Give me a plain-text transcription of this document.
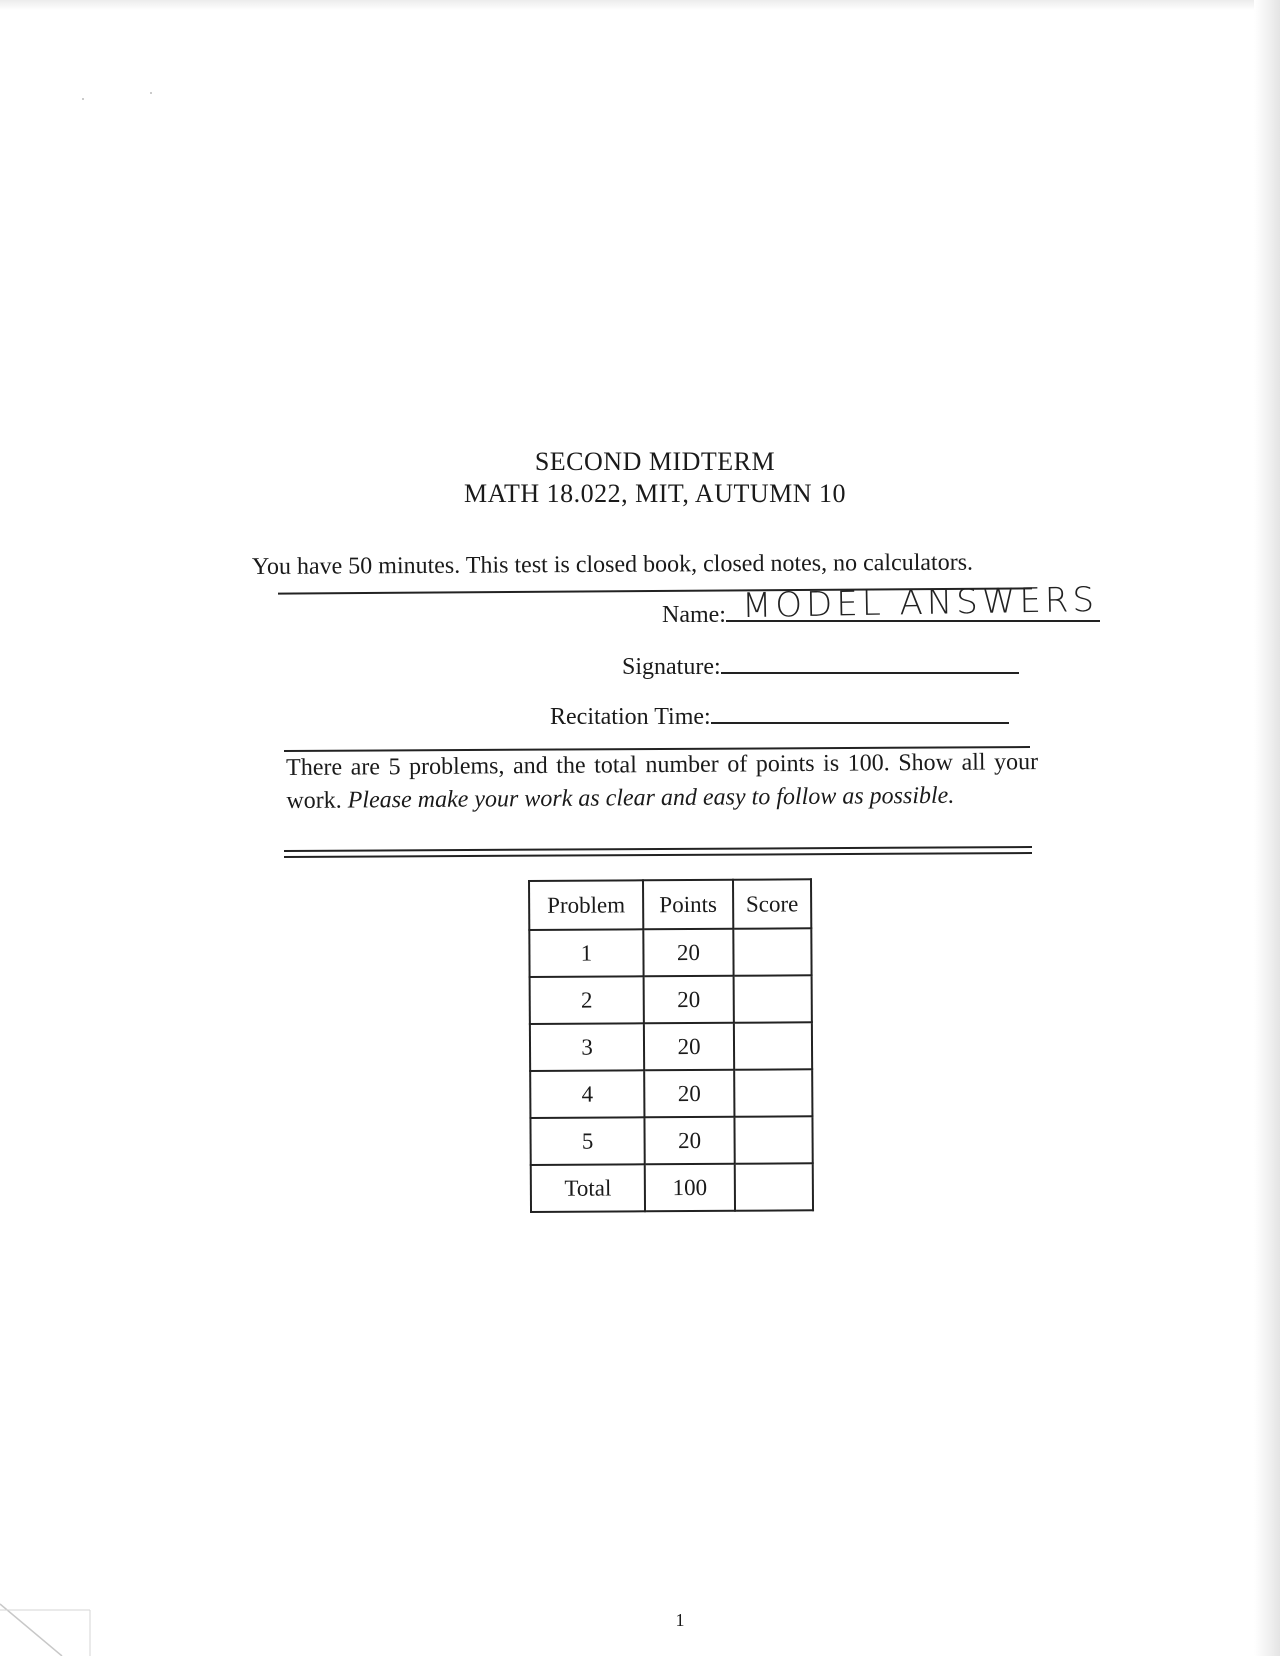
SECOND MIDTERM
MATH 18.022, MIT, AUTUMN 10
You have 50 minutes. This test is closed book, closed notes, no calculators.
Name: MODEL ANSWERS
Signature:
Recitation Time:
There are 5 problems, and the total number of points is 100. Show all your work. Please make your work as clear and easy to follow as possible.
Problem	Points	Score
1	20	
2	20	
3	20	
4	20	
5	20	
Total	100	
1
